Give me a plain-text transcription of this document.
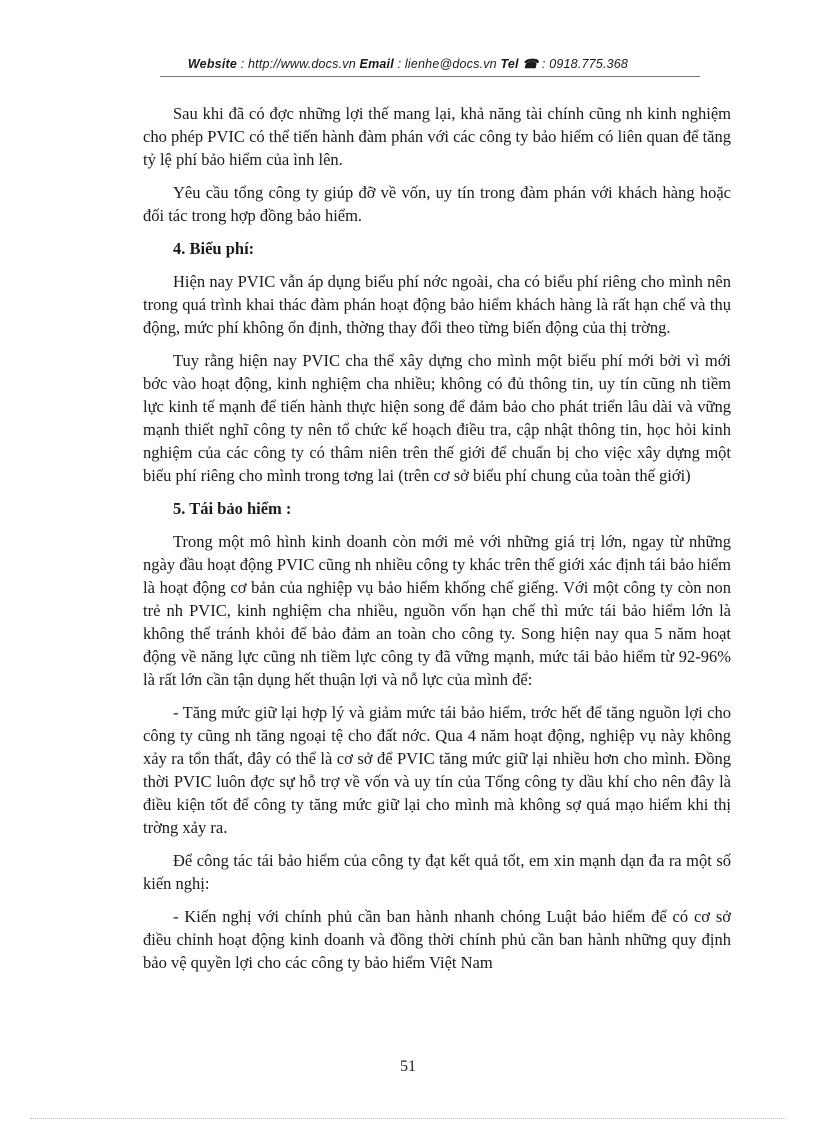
Website : http://www.docs.vn Email : lienhe@docs.vn Tel ☎ : 0918.775.368

Sau khi đã có đợc những lợi thế mang lại, khả năng tài chính cũng nh kinh nghiệm cho phép PVIC có thể tiến hành đàm phán với các công ty bảo hiểm có liên quan để tăng tỷ lệ phí bảo hiểm của ình lên.

Yêu cầu tổng công ty giúp đỡ về vốn, uy tín trong đàm phán với khách hàng hoặc đối tác trong hợp đồng bảo hiểm.

4. Biểu phí:

Hiện nay PVIC vẫn áp dụng biểu phí nớc ngoài, cha có biểu phí riêng cho mình nên trong quá trình khai thác đàm phán hoạt động bảo hiểm khách hàng là rất hạn chế và thụ động, mức phí không ổn định, thờng thay đổi theo từng biến động của thị trờng.

Tuy rằng hiện nay PVIC cha thể xây dựng cho mình một biểu phí mới bởi vì mới bớc vào hoạt động, kinh nghiệm cha nhiều; không có đủ thông tin, uy tín cũng nh tiềm lực kinh tế mạnh để tiến hành thực hiện song để đảm bảo cho phát triển lâu dài và vững mạnh thiết nghĩ công ty nên tổ chức kế hoạch điều tra, cập nhật thông tin, học hỏi kinh nghiệm của các công ty có thâm niên trên thế giới để chuẩn bị cho việc xây dựng một biểu phí riêng cho mình trong tơng lai (trên cơ sở biểu phí chung của toàn thế giới)

5. Tái bảo hiểm :

Trong một mô hình kinh doanh còn mới mẻ với những giá trị lớn, ngay từ những ngày đầu hoạt động PVIC cũng nh nhiều công ty khác trên thế giới xác định tái bảo hiểm là hoạt động cơ bản của nghiệp vụ bảo hiểm khống chế giếng. Với một công ty còn non trẻ nh PVIC, kinh nghiệm cha nhiều, nguồn vốn hạn chế thì mức tái bảo hiểm lớn là không thể tránh khỏi để bảo đảm an toàn cho công ty. Song hiện nay qua 5 năm hoạt động về năng lực cũng nh tiềm lực công ty đã vững mạnh, mức tái bảo hiểm từ 92-96% là rất lớn cần tận dụng hết thuận lợi và nỗ lực của mình để:

- Tăng mức giữ lại hợp lý và giảm mức tái bảo hiểm, trớc hết để tăng nguồn lợi cho công ty cũng nh tăng ngoại tệ cho đất nớc. Qua 4 năm hoạt động, nghiệp vụ này không xảy ra tổn thất, đây có thể là cơ sở để PVIC tăng mức giữ lại nhiều hơn cho mình. Đồng thời PVIC luôn đợc sự hỗ trợ về vốn và uy tín của Tổng công ty dầu khí cho nên đây là điều kiện tốt để công ty tăng mức giữ lại cho mình mà không sợ quá mạo hiểm khi thị trờng xảy ra.

Để công tác tái bảo hiểm của công ty đạt kết quả tốt, em xin mạnh dạn đa ra một số kiến nghị:

- Kiến nghị với chính phủ cần ban hành nhanh chóng Luật bảo hiểm để có cơ sở điều chỉnh hoạt động kinh doanh và đồng thời chính phủ cần ban hành những quy định bảo vệ quyền lợi cho các công ty bảo hiểm Việt Nam

51
